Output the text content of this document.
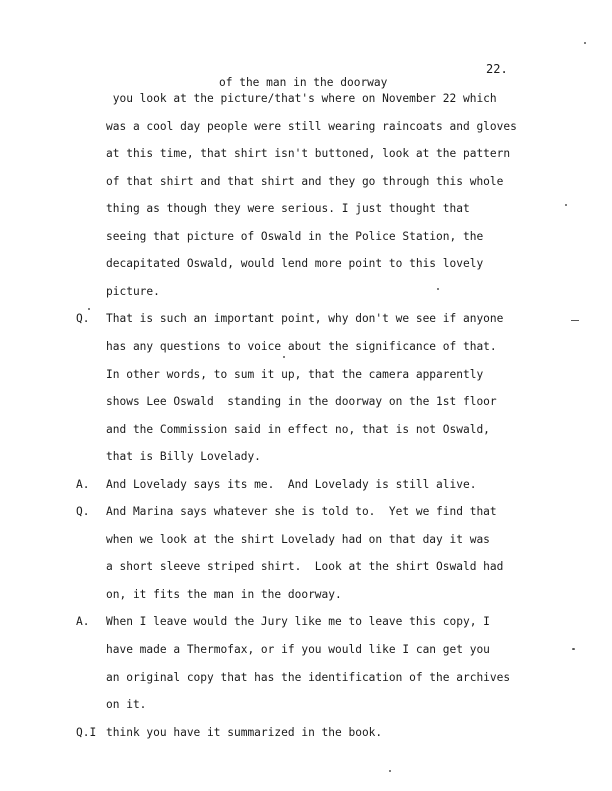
22.
of the man in the doorway
you look at the picture/that's where on November 22 which
was a cool day people were still wearing raincoats and gloves
at this time, that shirt isn't buttoned, look at the pattern
of that shirt and that shirt and they go through this whole
thing as though they were serious. I just thought that
seeing that picture of Oswald in the Police Station, the
decapitated Oswald, would lend more point to this lovely
picture.
Q. That is such an important point, why don't we see if anyone
has any questions to voice about the significance of that.
In other words, to sum it up, that the camera apparently
shows Lee Oswald  standing in the doorway on the 1st floor
and the Commission said in effect no, that is not Oswald,
that is Billy Lovelady.
A. And Lovelady says its me.  And Lovelady is still alive.
Q. And Marina says whatever she is told to.  Yet we find that
when we look at the shirt Lovelady had on that day it was
a short sleeve striped shirt.  Look at the shirt Oswald had
on, it fits the man in the doorway.
A. When I leave would the Jury like me to leave this copy, I
have made a Thermofax, or if you would like I can get you
an original copy that has the identification of the archives
on it.
Q.I think you have it summarized in the book.
